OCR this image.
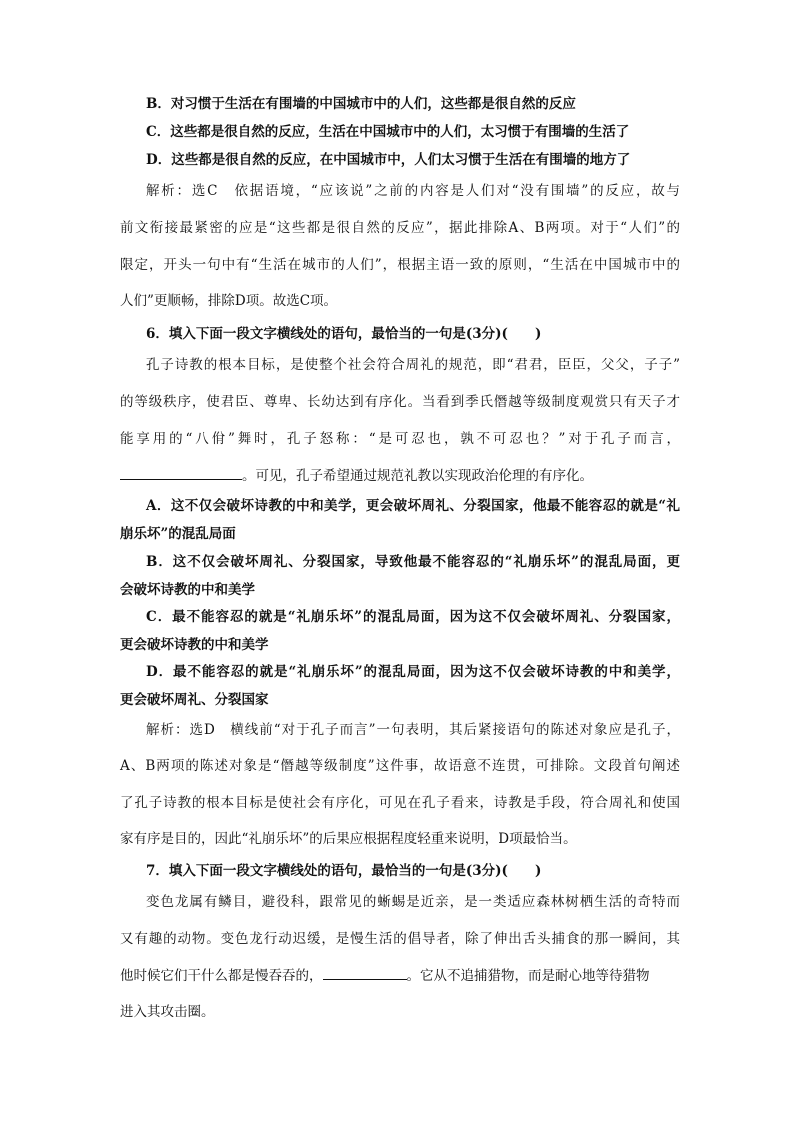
B．对习惯于生活在有围墙的中国城市中的人们，这些都是很自然的反应
C．这些都是很自然的反应，生活在中国城市中的人们，太习惯于有围墙的生活了
D．这些都是很自然的反应，在中国城市中，人们太习惯于生活在有围墙的地方了
解析：选C　依据语境，“应该说”之前的内容是人们对“没有围墙”的反应，故与
前文衔接最紧密的应是“这些都是很自然的反应”，据此排除A、B两项。对于“人们”的
限定，开头一句中有“生活在城市的人们”，根据主语一致的原则，“生活在中国城市中的
人们”更顺畅，排除D项。故选C项。
6．填入下面一段文字横线处的语句，最恰当的一句是(3分)(　　)
孔子诗教的根本目标，是使整个社会符合周礼的规范，即“君君，臣臣，父父，子子”
的等级秩序，使君臣、尊卑、长幼达到有序化。当看到季氏僭越等级制度观赏只有天子才
能享用的“八佾”舞时，孔子怒称：“是可忍也，孰不可忍也？”对于孔子而言，
。可见，孔子希望通过规范礼教以实现政治伦理的有序化。
A．这不仅会破坏诗教的中和美学，更会破坏周礼、分裂国家，他最不能容忍的就是“礼
崩乐坏”的混乱局面
B．这不仅会破坏周礼、分裂国家，导致他最不能容忍的“礼崩乐坏”的混乱局面，更
会破坏诗教的中和美学
C．最不能容忍的就是“礼崩乐坏”的混乱局面，因为这不仅会破坏周礼、分裂国家，
更会破坏诗教的中和美学
D．最不能容忍的就是“礼崩乐坏”的混乱局面，因为这不仅会破坏诗教的中和美学，
更会破坏周礼、分裂国家
解析：选D　横线前“对于孔子而言”一句表明，其后紧接语句的陈述对象应是孔子，
A、B两项的陈述对象是“僭越等级制度”这件事，故语意不连贯，可排除。文段首句阐述
了孔子诗教的根本目标是使社会有序化，可见在孔子看来，诗教是手段，符合周礼和使国
家有序是目的，因此“礼崩乐坏”的后果应根据程度轻重来说明，D项最恰当。
7．填入下面一段文字横线处的语句，最恰当的一句是(3分)(　　)
变色龙属有鳞目，避役科，跟常见的蜥蜴是近亲，是一类适应森林树栖生活的奇特而
又有趣的动物。变色龙行动迟缓，是慢生活的倡导者，除了伸出舌头捕食的那一瞬间，其
他时候它们干什么都是慢吞吞的，	。它从不追捕猎物，而是耐心地等待猎物
进入其攻击圈。
